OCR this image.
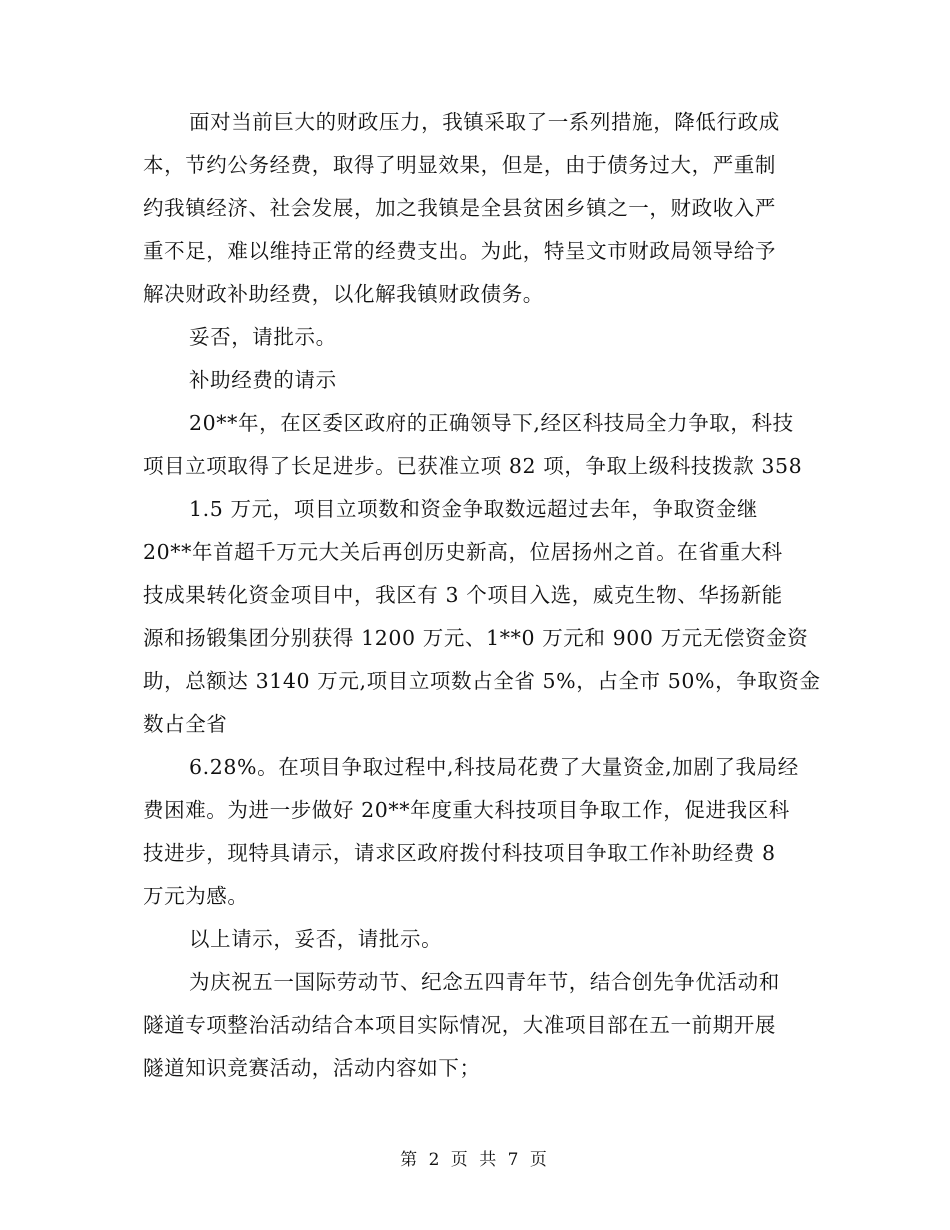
面对当前巨大的财政压力，我镇采取了一系列措施，降低行政成
本，节约公务经费，取得了明显效果，但是，由于债务过大，严重制
约我镇经济、社会发展，加之我镇是全县贫困乡镇之一，财政收入严
重不足，难以维持正常的经费支出。为此，特呈文市财政局领导给予
解决财政补助经费，以化解我镇财政债务。
妥否，请批示。
补助经费的请示
20**年，在区委区政府的正确领导下,经区科技局全力争取，科技
项目立项取得了长足进步。已获准立项 82 项，争取上级科技拨款 358
1.5 万元，项目立项数和资金争取数远超过去年，争取资金继
20**年首超千万元大关后再创历史新高，位居扬州之首。在省重大科
技成果转化资金项目中，我区有 3 个项目入选，威克生物、华扬新能
源和扬锻集团分别获得 1200 万元、1**0 万元和 900 万元无偿资金资
助，总额达 3140 万元,项目立项数占全省 5%，占全市 50%，争取资金
数占全省
6.28%。在项目争取过程中,科技局花费了大量资金,加剧了我局经
费困难。为进一步做好 20**年度重大科技项目争取工作，促进我区科
技进步，现特具请示，请求区政府拨付科技项目争取工作补助经费 8
万元为感。
以上请示，妥否，请批示。
为庆祝五一国际劳动节、纪念五四青年节，结合创先争优活动和
隧道专项整治活动结合本项目实际情况，大准项目部在五一前期开展
隧道知识竞赛活动，活动内容如下；
第 2 页 共 7 页
